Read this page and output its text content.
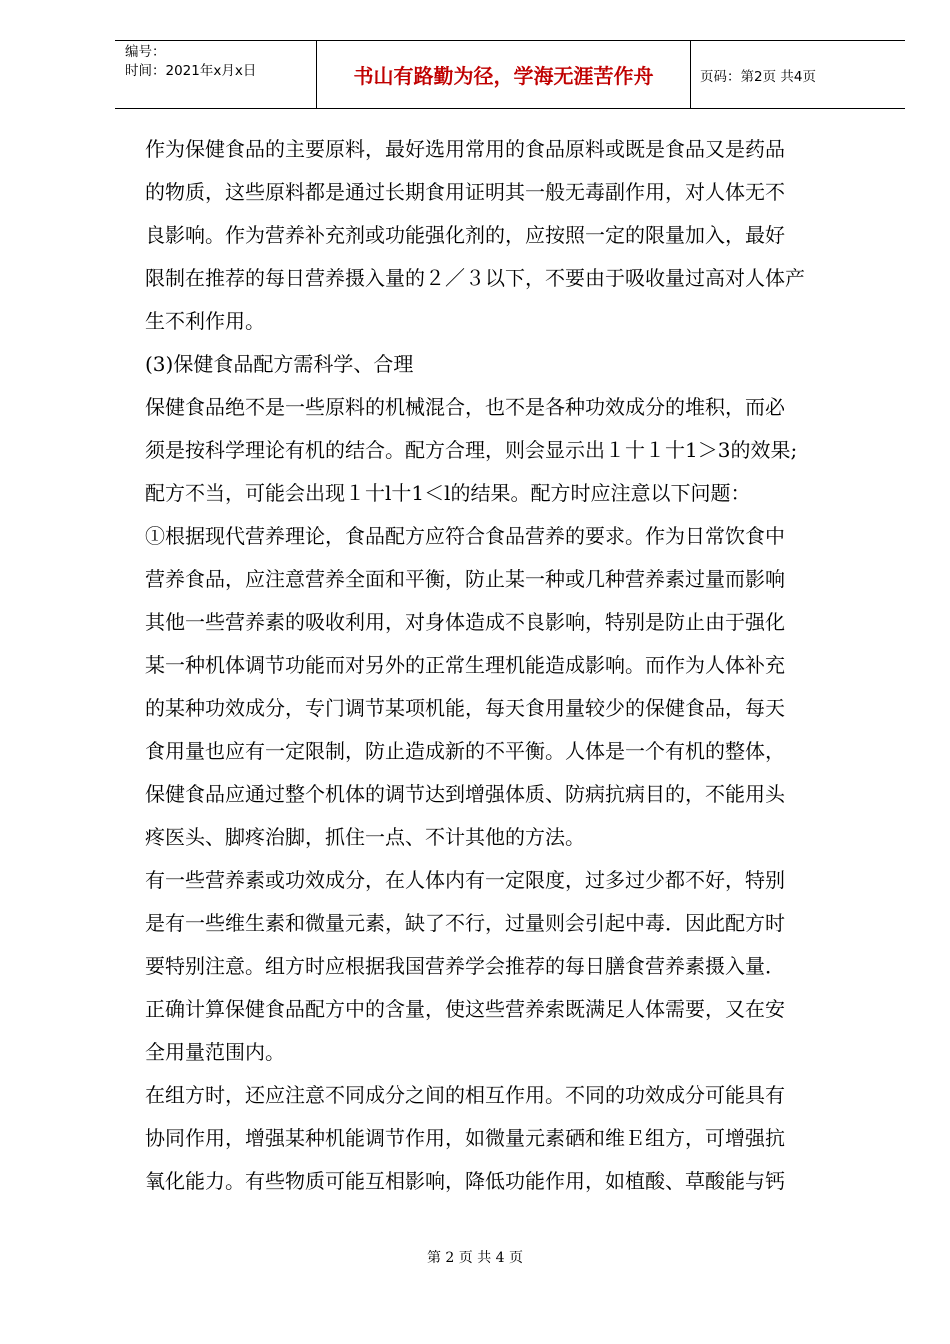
编号：
时间：2021年x月x日	书山有路勤为径，学海无涯苦作舟	页码：第2页 共4页
作为保健食品的主要原料，最好选用常用的食品原料或既是食品又是药品
的物质，这些原料都是通过长期食用证明其一般无毒副作用，对人体无不
良影响。作为营养补充剂或功能强化剂的，应按照一定的限量加入，最好
限制在推荐的每日营养摄入量的２／３以下，不要由于吸收量过高对人体产
生不利作用。
(3)保健食品配方需科学、合理
保健食品绝不是一些原料的机械混合，也不是各种功效成分的堆积，而必
须是按科学理论有机的结合。配方合理，则会显示出１十１十1＞3的效果;
配方不当，可能会出现１十l十1＜l的结果。配方时应注意以下问题：
①根据现代营养理论，食品配方应符合食品营养的要求。作为日常饮食中
营养食品，应注意营养全面和平衡，防止某一种或几种营养素过量而影响
其他一些营养素的吸收利用，对身体造成不良影响，特别是防止由于强化
某一种机体调节功能而对另外的正常生理机能造成影响。而作为人体补充
的某种功效成分，专门调节某项机能，每天食用量较少的保健食品，每天
食用量也应有一定限制，防止造成新的不平衡。人体是一个有机的整体，
保健食品应通过整个机体的调节达到增强体质、防病抗病目的，不能用头
疼医头、脚疼治脚，抓住一点、不计其他的方法。
有一些营养素或功效成分，在人体内有一定限度，过多过少都不好，特别
是有一些维生素和微量元素，缺了不行，过量则会引起中毒．因此配方时
要特别注意。组方时应根据我国营养学会推荐的每日膳食营养素摄入量．
正确计算保健食品配方中的含量，使这些营养索既满足人体需要，又在安
全用量范围内。
在组方时，还应注意不同成分之间的相互作用。不同的功效成分可能具有
协同作用，增强某种机能调节作用，如微量元素硒和维Ｅ组方，可增强抗
氧化能力。有些物质可能互相影响，降低功能作用，如植酸、草酸能与钙
第 2 页 共 4 页
